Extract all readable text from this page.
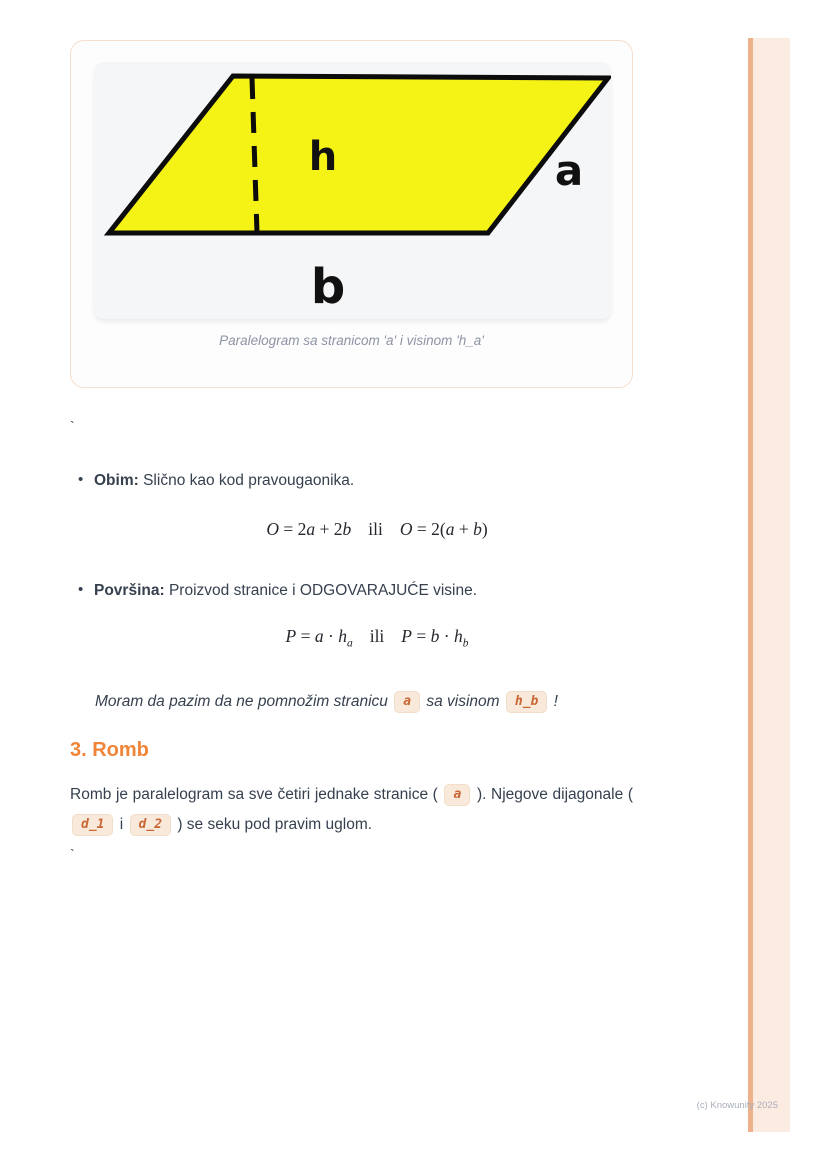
h	a
b
Paralelogram sa stranicom 'a' i visinom 'h_a'
`
• Obim: Slično kao kod pravougaonika.
O = 2a + 2b ili O = 2(a + b)
• Površina: Proizvod stranice i ODGOVARAJUĆE visine.
$P = a \cdot h_a$ ili $P = b \cdot h_b$
Moram da pazim da ne pomnožim stranicu a sa visinom h_b !
3. Romb
Romb je paralelogram sa sve četiri jednake stranice ( a ). Njegove dijagonale ( d_1 i d_2 ) se seku pod pravim uglom.
`
(c) Knowunity 2025
